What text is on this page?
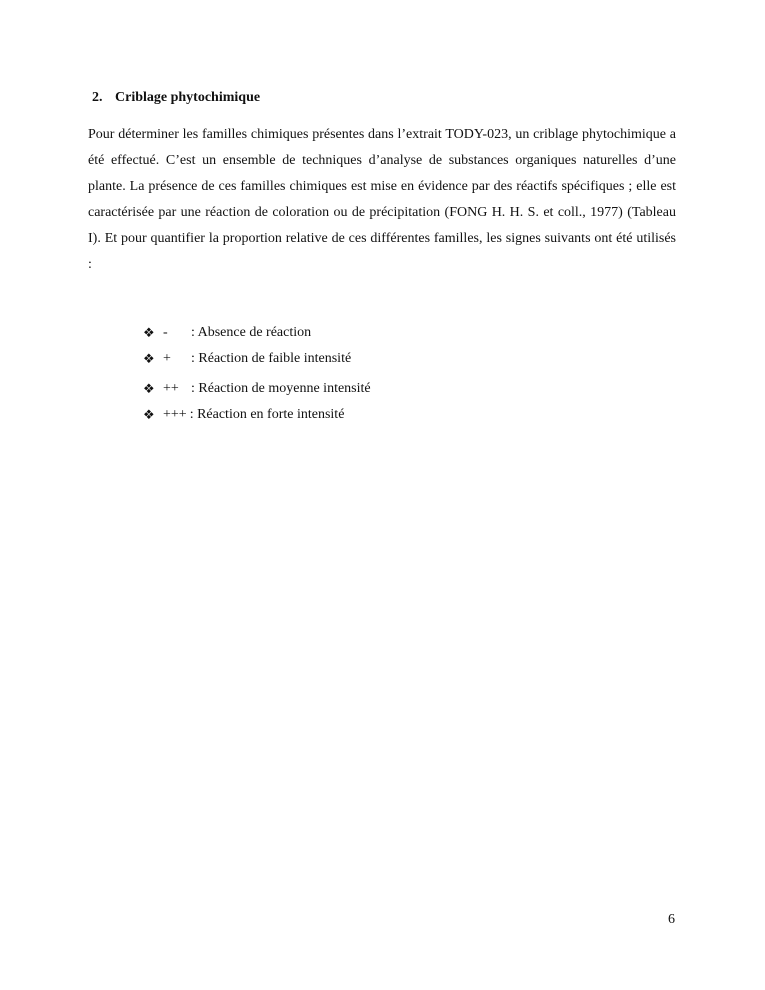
2. Criblage phytochimique

Pour déterminer les familles chimiques présentes dans l’extrait TODY-023, un criblage phytochimique a été effectué. C’est un ensemble de techniques d’analyse de substances organiques naturelles d’une plante. La présence de ces familles chimiques est mise en évidence par des réactifs spécifiques ; elle est caractérisée par une réaction de coloration ou de précipitation (FONG H. H. S. et coll., 1977) (Tableau I). Et pour quantifier la proportion relative de ces différentes familles, les signes suivants ont été utilisés :

❖ -	: Absence de réaction
❖ +	: Réaction de faible intensité
❖ ++ : Réaction de moyenne intensité
❖ +++ : Réaction en forte intensité
6
